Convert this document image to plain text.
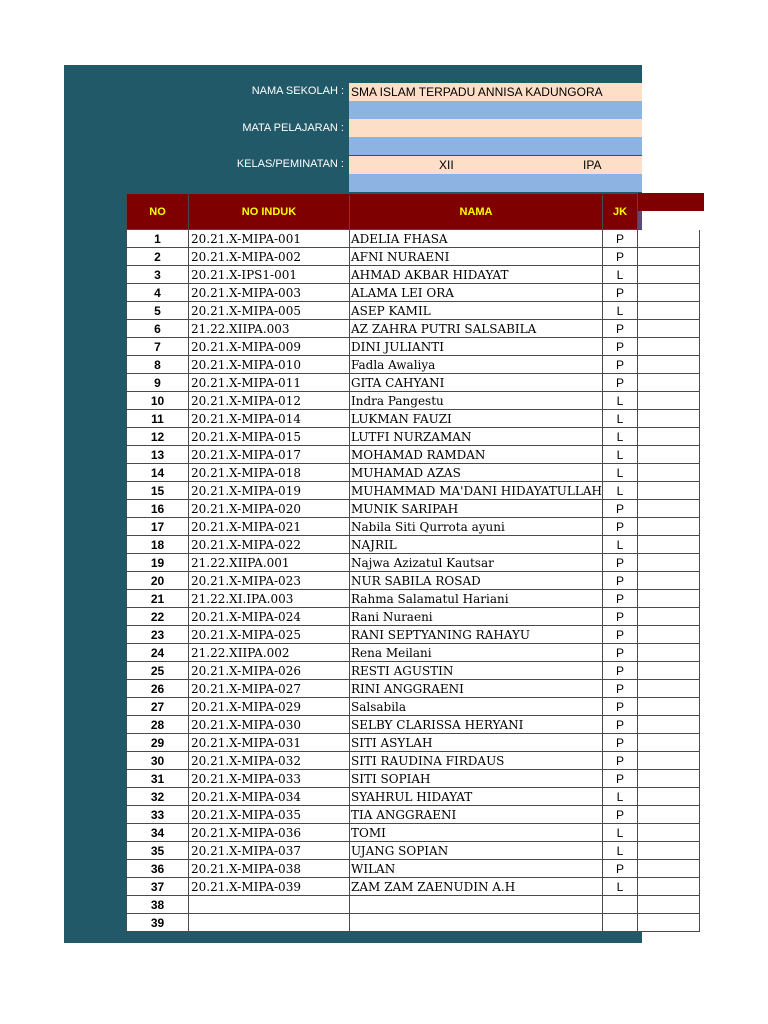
NAMA SEKOLAH : SMA ISLAM TERPADU ANNISA KADUNGORA
MATA PELAJARAN :
KELAS/PEMINATAN :	XII	IPA
NO	NO INDUK	NAMA	JK	
1	20.21.X-MIPA-001	ADELIA FHASA	P	
2	20.21.X-MIPA-002	AFNI NURAENI	P	
3	20.21.X-IPS1-001	AHMAD AKBAR HIDAYAT	L	
4	20.21.X-MIPA-003	ALAMA LEI ORA	P	
5	20.21.X-MIPA-005	ASEP KAMIL	L	
6	21.22.XIIPA.003	AZ ZAHRA PUTRI SALSABILA	P	
7	20.21.X-MIPA-009	DINI JULIANTI	P	
8	20.21.X-MIPA-010	Fadla Awaliya	P	
9	20.21.X-MIPA-011	GITA CAHYANI	P	
10	20.21.X-MIPA-012	Indra Pangestu	L	
11	20.21.X-MIPA-014	LUKMAN FAUZI	L	
12	20.21.X-MIPA-015	LUTFI NURZAMAN	L	
13	20.21.X-MIPA-017	MOHAMAD RAMDAN	L	
14	20.21.X-MIPA-018	MUHAMAD AZAS	L	
15	20.21.X-MIPA-019	MUHAMMAD MA'DANI HIDAYATULLAH	L	
16	20.21.X-MIPA-020	MUNIK SARIPAH	P	
17	20.21.X-MIPA-021	Nabila Siti Qurrota ayuni	P	
18	20.21.X-MIPA-022	NAJRIL	L	
19	21.22.XIIPA.001	Najwa Azizatul Kautsar	P	
20	20.21.X-MIPA-023	NUR SABILA ROSAD	P	
21	21.22.XI.IPA.003	Rahma Salamatul Hariani	P	
22	20.21.X-MIPA-024	Rani Nuraeni	P	
23	20.21.X-MIPA-025	RANI SEPTYANING RAHAYU	P	
24	21.22.XIIPA.002	Rena Meilani	P	
25	20.21.X-MIPA-026	RESTI AGUSTIN	P	
26	20.21.X-MIPA-027	RINI ANGGRAENI	P	
27	20.21.X-MIPA-029	Salsabila	P	
28	20.21.X-MIPA-030	SELBY CLARISSA HERYANI	P	
29	20.21.X-MIPA-031	SITI ASYLAH	P	
30	20.21.X-MIPA-032	SITI RAUDINA FIRDAUS	P	
31	20.21.X-MIPA-033	SITI SOPIAH	P	
32	20.21.X-MIPA-034	SYAHRUL HIDAYAT	L	
33	20.21.X-MIPA-035	TIA ANGGRAENI	P	
34	20.21.X-MIPA-036	TOMI	L	
35	20.21.X-MIPA-037	UJANG SOPIAN	L	
36	20.21.X-MIPA-038	WILAN	P	
37	20.21.X-MIPA-039	ZAM ZAM ZAENUDIN A.H	L	
38				
39				
